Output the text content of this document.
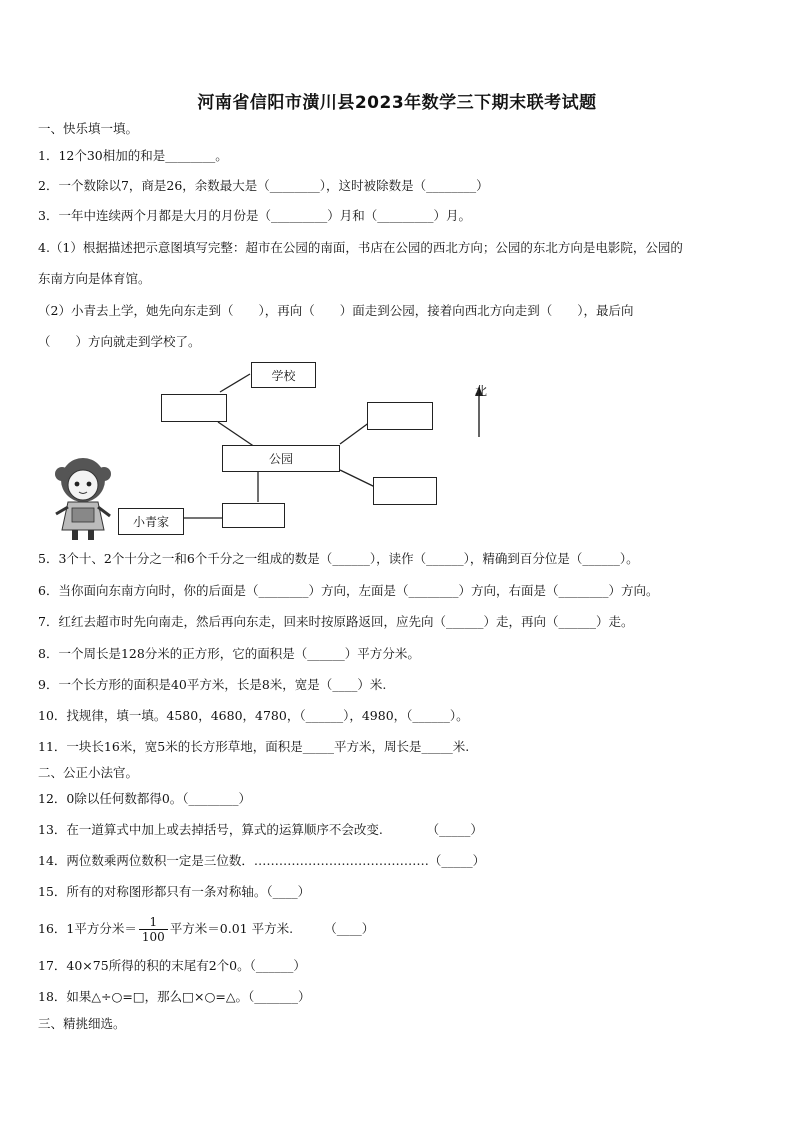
河南省信阳市潢川县2023年数学三下期末联考试题
一、快乐填一填。
1．12个30相加的和是________。
2．一个数除以7，商是26，余数最大是（________），这时被除数是（________）
3．一年中连续两个月都是大月的月份是（_________）月和（_________）月。
4.（1）根据描述把示意图填写完整：超市在公园的南面，书店在公园的西北方向；公园的东北方向是电影院，公园的
东南方向是体育馆。
（2）小青去上学，她先向东走到（　　），再向（　　）面走到公园，接着向西北方向走到（　　），最后向
（　　）方向就走到学校了。
学校
公园
小青家
北
5．3个十、2个十分之一和6个千分之一组成的数是（______），读作（______），精确到百分位是（______）。
6．当你面向东南方向时，你的后面是（________）方向，左面是（________）方向，右面是（________）方向。
7．红红去超市时先向南走，然后再向东走，回来时按原路返回，应先向（______）走，再向（______）走。
8．一个周长是128分米的正方形，它的面积是（______）平方分米。
9．一个长方形的面积是40平方米，长是8米，宽是（____）米.
10．找规律，填一填。4580，4680，4780，（______），4980，（______）。
11．一块长16米，宽5米的长方形草地，面积是_____平方米，周长是_____米.
二、公正小法官。
12．0除以任何数都得0。（________）
13．在一道算式中加上或去掉括号，算式的运算顺序不会改变.　　　　（_____）
14．两位数乘两位数积一定是三位数．……………………………………（_____）
15．所有的对称图形都只有一条对称轴。（____）
16．1平方分米＝ $\frac{1}{100}$ 平方米＝0.01 平方米.　　　（____）
17．40×75所得的积的末尾有2个0。（______）
18．如果△÷○=□，那么□×○=△。（_______）
三、精挑细选。
